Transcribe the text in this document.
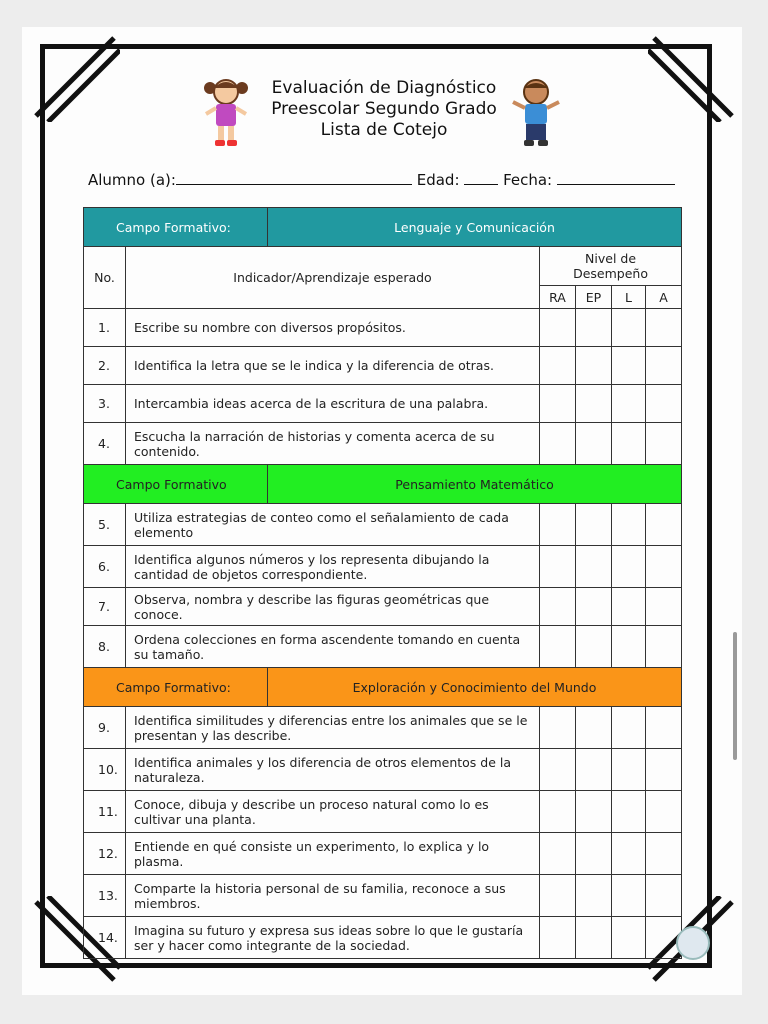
Evaluación de Diagnóstico
Preescolar Segundo Grado
Lista de Cotejo
Alumno (a):	Edad:	Fecha:
Campo Formativo:		Lenguaje y Comunicación				
No.	Indicador/Aprendizaje esperado		Nivel de Desempeño			
			RA	EP	L	A
1.	Escribe su nombre con diversos propósitos.					
2.	Identifica la letra que se le indica y la diferencia de otras.					
3.	Intercambia ideas acerca de la escritura de una palabra.					
4.	Escucha la narración de historias y comenta acerca de su contenido.					
Campo Formativo		Pensamiento Matemático				
5.	Utiliza estrategias de conteo como el señalamiento de cada elemento					
6.	Identifica algunos números y los representa dibujando la cantidad de objetos correspondiente.					
7.	Observa, nombra y describe las figuras geométricas que conoce.					
8.	Ordena colecciones en forma ascendente tomando en cuenta su tamaño.					
Campo Formativo:		Exploración y Conocimiento del Mundo				
9.	Identifica similitudes y diferencias entre los animales que se le presentan y las describe.					
10.	Identifica animales y los diferencia de otros elementos de la naturaleza.					
11.	Conoce, dibuja y describe un proceso natural como lo es cultivar una planta.					
12.	Entiende en qué consiste un experimento, lo explica y lo plasma.					
13.	Comparte la historia personal de su familia, reconoce a sus miembros.					
14.	Imagina su futuro y expresa sus ideas sobre lo que le gustaría ser y hacer como integrante de la sociedad.					
